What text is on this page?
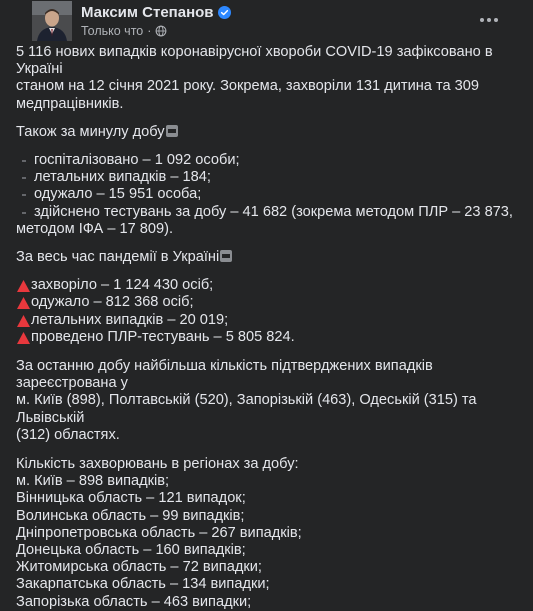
Максим Степанов
Только что ·
5 116 нових випадків коронавірусної хвороби COVID-19 зафіксовано в Україні
станом на 12 січня 2021 року. Зокрема, захворіли 131 дитина та 309
медпрацівників.
Також за минулу добу
госпіталізовано – 1 092 особи;
летальних випадків – 184;
одужало – 15 951 особа;
здійснено тестувань за добу – 41 682 (зокрема методом ПЛР – 23 873,
методом ІФА – 17 809).
За весь час пандемії в Україні
захворіло – 1 124 430 осіб;
одужало – 812 368 осіб;
летальних випадків – 20 019;
проведено ПЛР-тестувань – 5 805 824.
За останню добу найбільша кількість підтверджених випадків зареєстрована у
м. Київ (898), Полтавській (520), Запорізькій (463), Одеській (315) та Львівській
(312) областях.
Кількість захворювань в регіонах за добу:
м. Київ – 898 випадків;
Вінницька область – 121 випадок;
Волинська область – 99 випадків;
Дніпропетровська область – 267 випадків;
Донецька область – 160 випадків;
Житомирська область – 72 випадки;
Закарпатська область – 134 випадки;
Запорізька область – 463 випадки;
